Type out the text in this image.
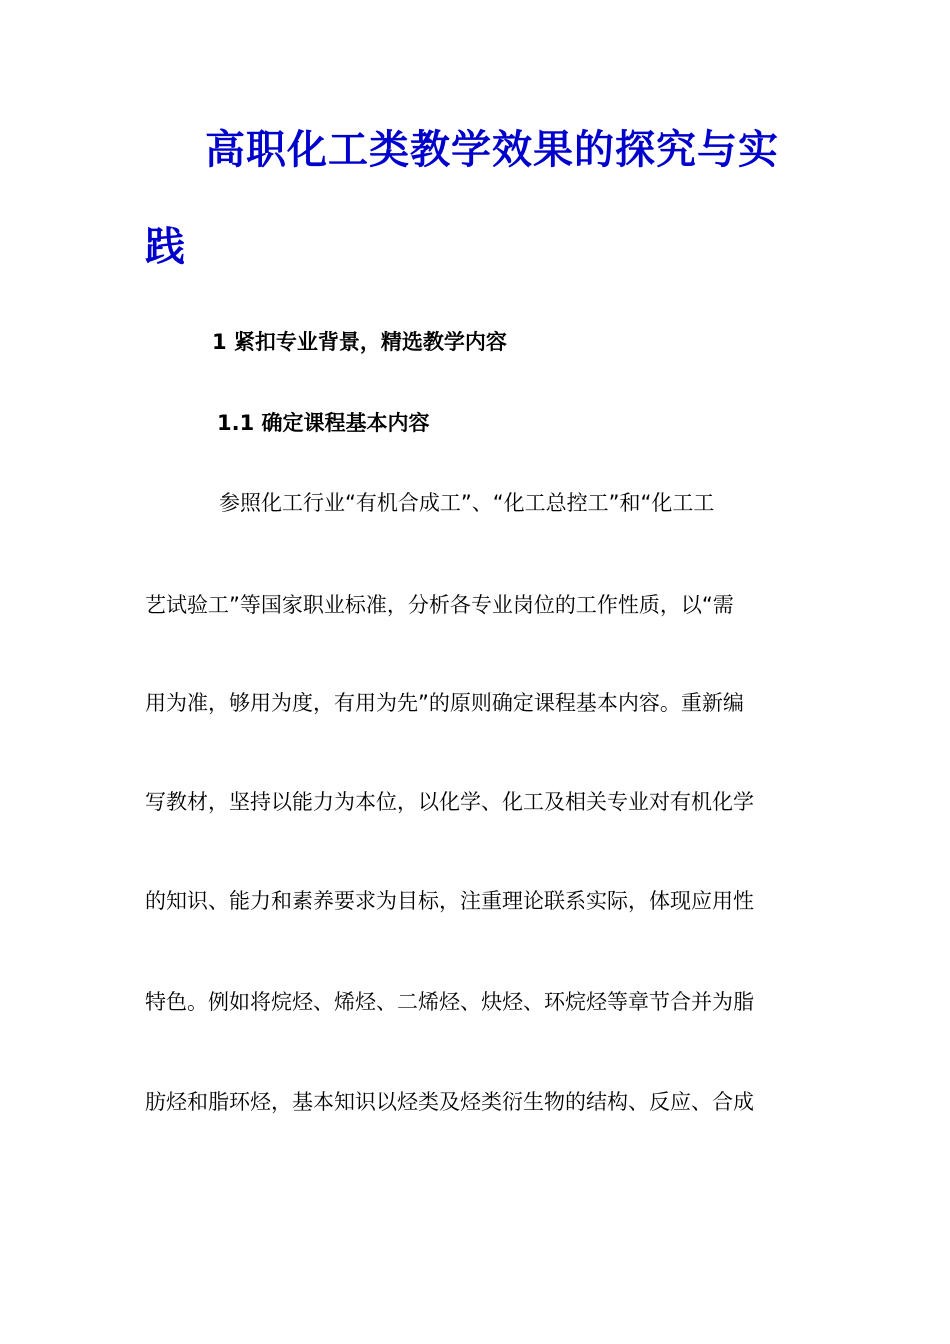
高职化工类教学效果的探究与实
践
1 紧扣专业背景，精选教学内容
1.1 确定课程基本内容

参照化工行业“有机合成工”、“化工总控工”和“化工工

艺试验工”等国家职业标准，分析各专业岗位的工作性质，以“需

用为准，够用为度，有用为先”的原则确定课程基本内容。重新编

写教材，坚持以能力为本位，以化学、化工及相关专业对有机化学

的知识、能力和素养要求为目标，注重理论联系实际，体现应用性

特色。例如将烷烃、烯烃、二烯烃、炔烃、环烷烃等章节合并为脂

肪烃和脂环烃，基本知识以烃类及烃类衍生物的结构、反应、合成
